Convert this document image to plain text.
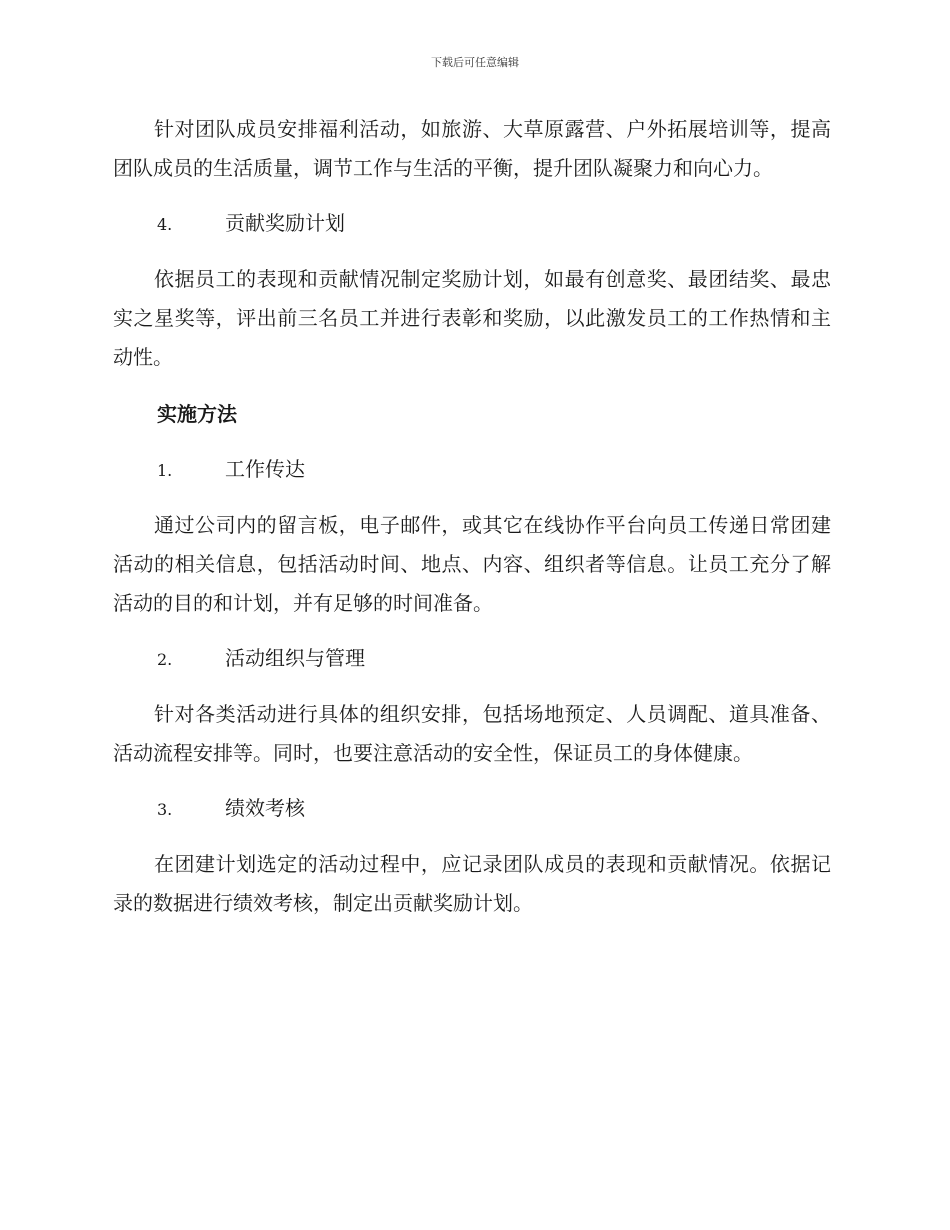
下载后可任意编辑

针对团队成员安排福利活动，如旅游、大草原露营、户外拓展培训等，提高团队成员的生活质量，调节工作与生活的平衡，提升团队凝聚力和向心力。

4.	贡献奖励计划

依据员工的表现和贡献情况制定奖励计划，如最有创意奖、最团结奖、最忠实之星奖等，评出前三名员工并进行表彰和奖励，以此激发员工的工作热情和主动性。

实施方法
1.	工作传达

通过公司内的留言板，电子邮件，或其它在线协作平台向员工传递日常团建活动的相关信息，包括活动时间、地点、内容、组织者等信息。让员工充分了解活动的目的和计划，并有足够的时间准备。

2.	活动组织与管理

针对各类活动进行具体的组织安排，包括场地预定、人员调配、道具准备、活动流程安排等。同时，也要注意活动的安全性，保证员工的身体健康。

3.	绩效考核

在团建计划选定的活动过程中，应记录团队成员的表现和贡献情况。依据记录的数据进行绩效考核，制定出贡献奖励计划。
